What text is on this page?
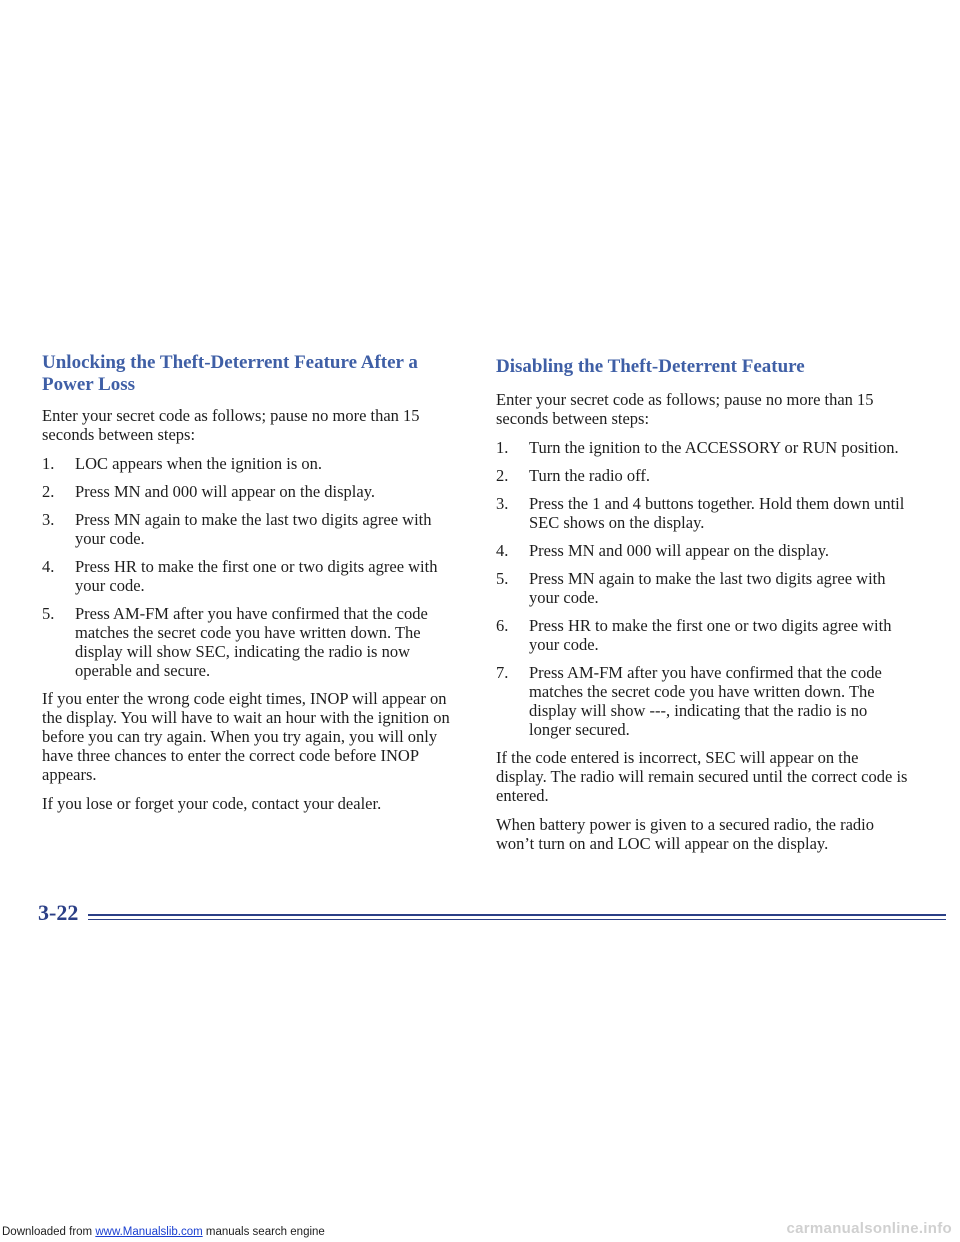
Unlocking the Theft-Deterrent Feature After a Power Loss

Enter your secret code as follows; pause no more than 15 seconds between steps:

1. LOC appears when the ignition is on.
2. Press MN and 000 will appear on the display.
3. Press MN again to make the last two digits agree with your code.
4. Press HR to make the first one or two digits agree with your code.
5. Press AM-FM after you have confirmed that the code matches the secret code you have written down. The display will show SEC, indicating the radio is now operable and secure.

If you enter the wrong code eight times, INOP will appear on the display. You will have to wait an hour with the ignition on before you can try again. When you try again, you will only have three chances to enter the correct code before INOP appears.

If you lose or forget your code, contact your dealer.

Disabling the Theft-Deterrent Feature

Enter your secret code as follows; pause no more than 15 seconds between steps:

1. Turn the ignition to the ACCESSORY or RUN position.
2. Turn the radio off.
3. Press the 1 and 4 buttons together. Hold them down until SEC shows on the display.
4. Press MN and 000 will appear on the display.
5. Press MN again to make the last two digits agree with your code.
6. Press HR to make the first one or two digits agree with your code.
7. Press AM-FM after you have confirmed that the code matches the secret code you have written down. The display will show ---, indicating that the radio is no longer secured.

If the code entered is incorrect, SEC will appear on the display. The radio will remain secured until the correct code is entered.

When battery power is given to a secured radio, the radio won’t turn on and LOC will appear on the display.

3-22
Downloaded from www.Manualslib.com manuals search engine	carmanualsonline.info
